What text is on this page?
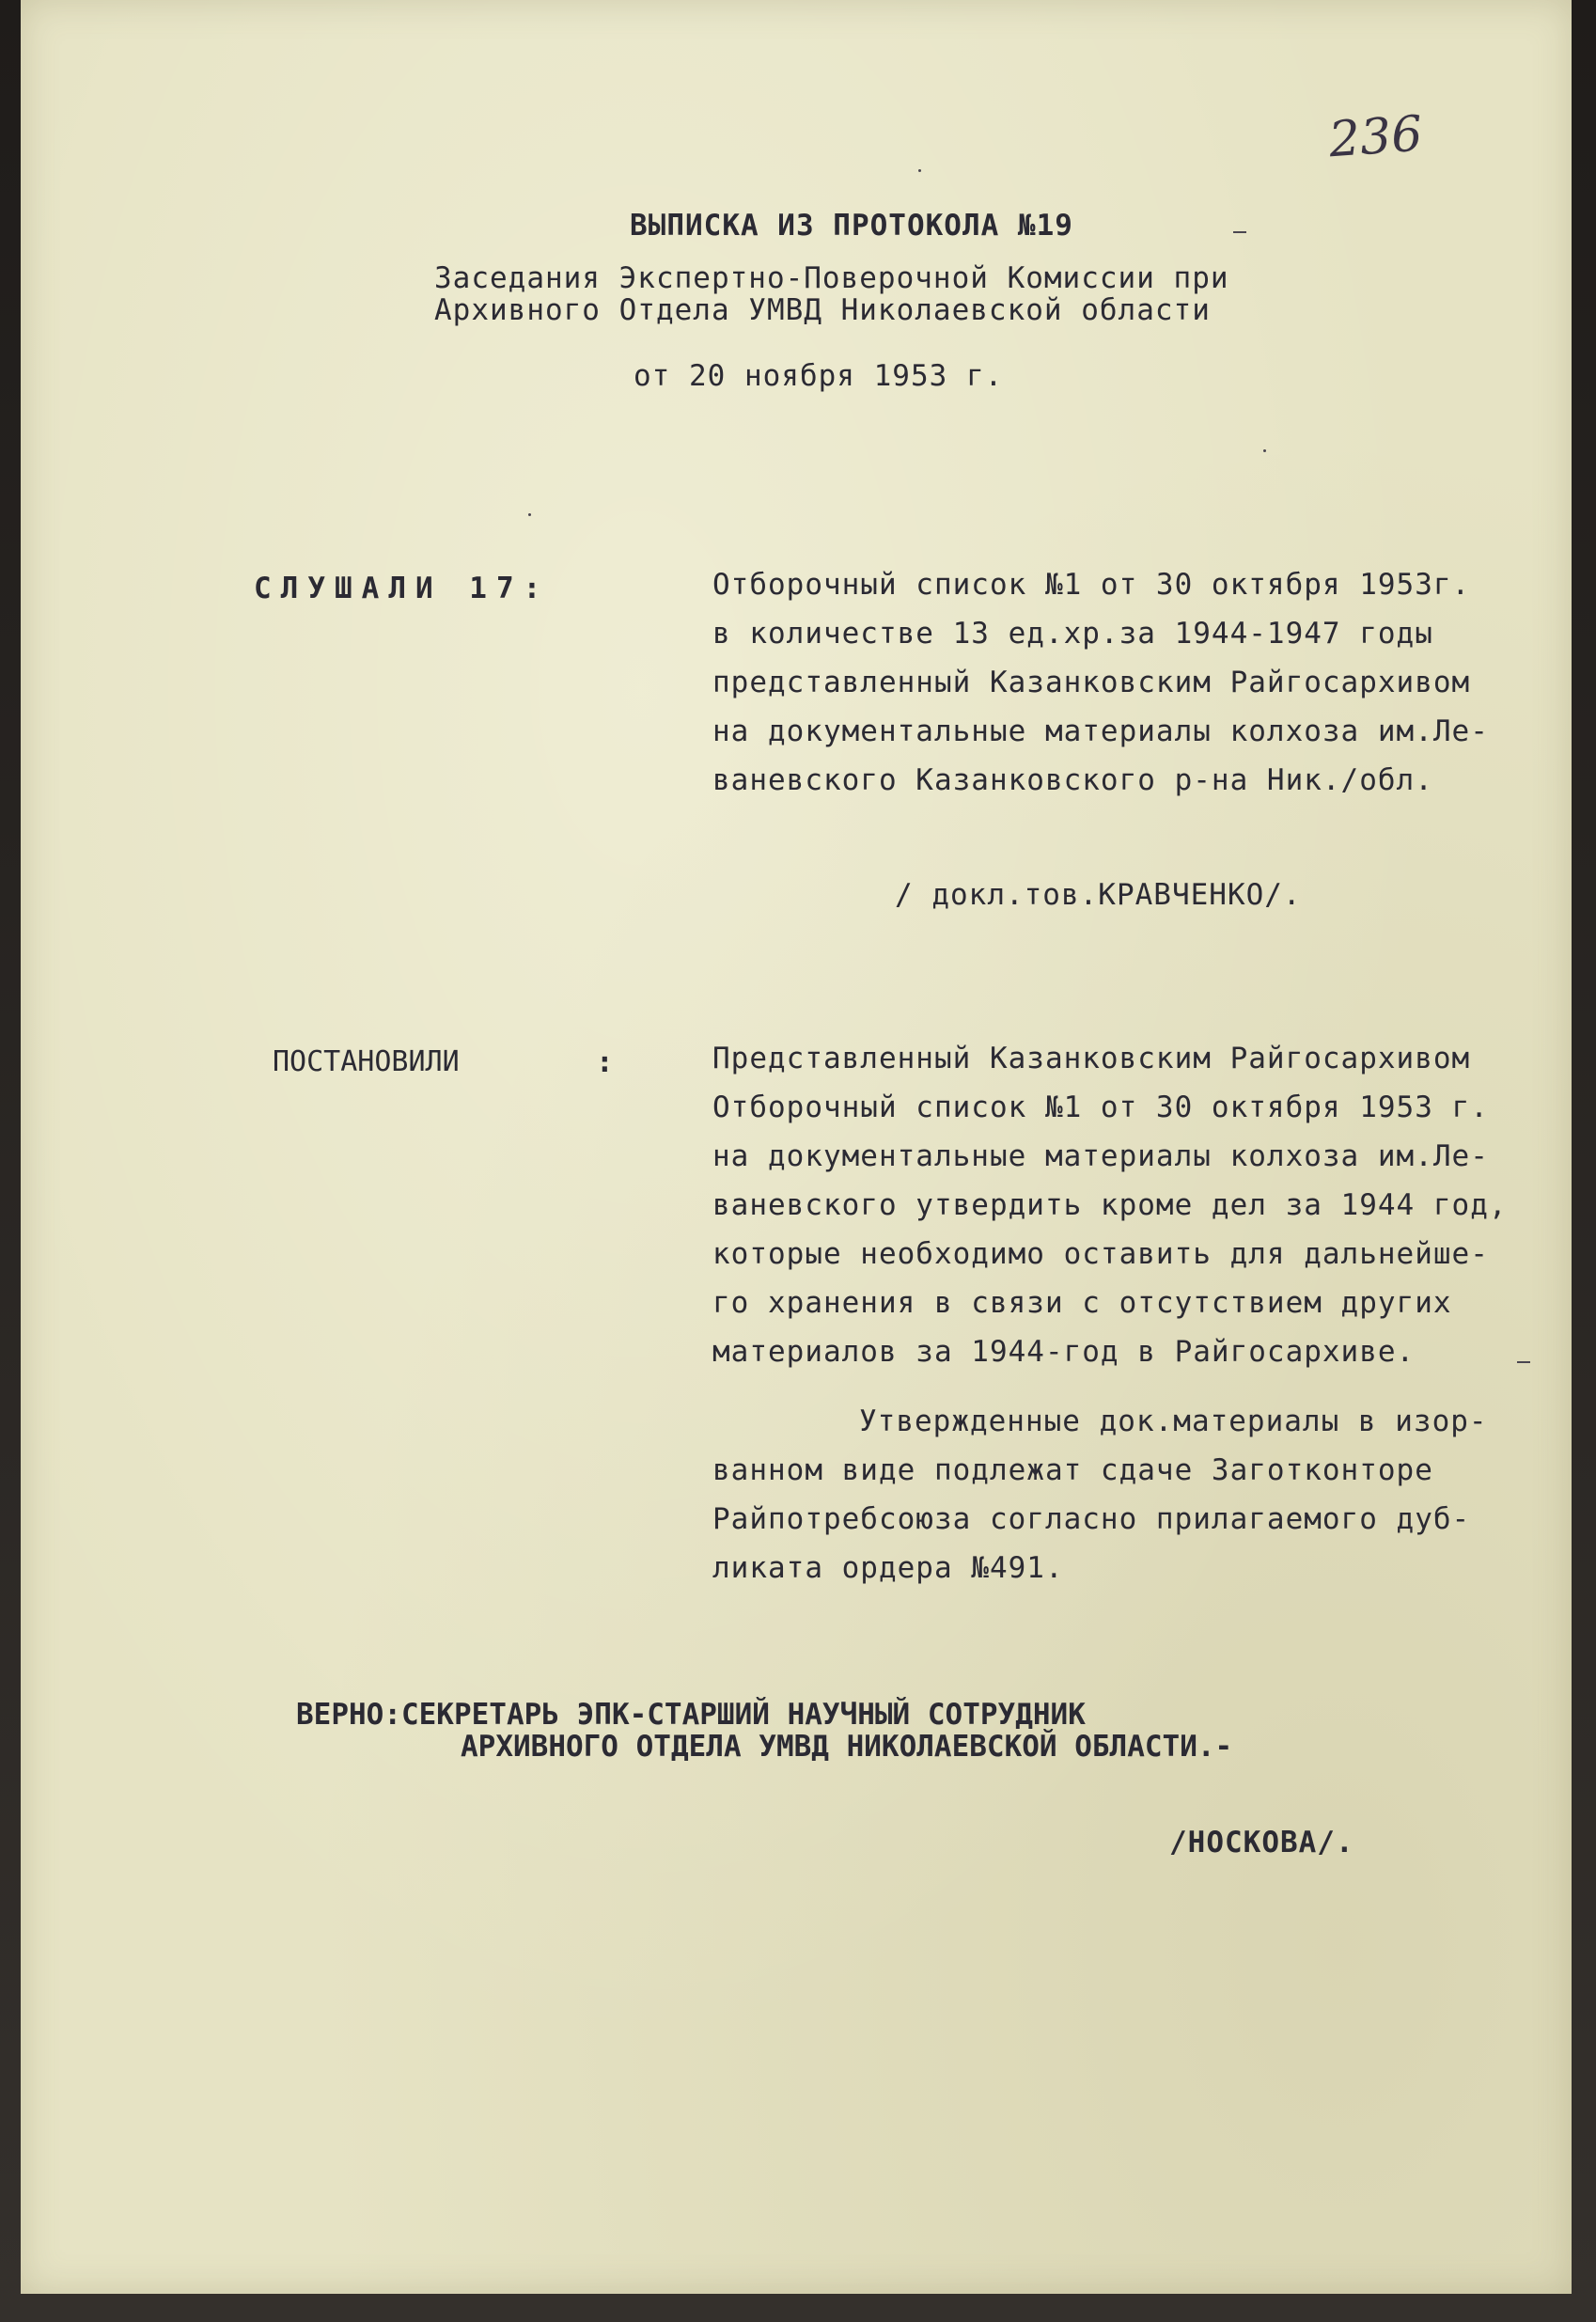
236
ВЫПИСКА ИЗ ПРОТОКОЛА №19
Заседания Экспертно-Поверочной Комиссии при
Архивного Отдела УМВД Николаевской области
от 20 ноября 1953 г.
СЛУШАЛИ 17:	Отборочный список №1 от 30 октября 1953г.
в количестве 13 ед.хр.за 1944-1947 годы
представленный Казанковским Райгосархивом
на документальные материалы колхоза им.Ле-
ваневского Казанковского р-на Ник./обл.
/ докл.тов.КРАВЧЕНКО/.
ПОСТАНОВИЛИ	:	Представленный Казанковским Райгосархивом
Отборочный список №1 от 30 октября 1953 г.
на документальные материалы колхоза им.Ле-
ваневского утвердить кроме дел за 1944 год,
которые необходимо оставить для дальнейше-
го хранения в связи с отсутствием других
материалов за 1944-год в Райгосархиве.
Утвержденные док.материалы в изор-
ванном виде подлежат сдаче Заготконторе
Райпотребсоюза согласно прилагаемого дуб-
ликата ордера №491.
ВЕРНО:СЕКРЕТАРЬ ЭПК-СТАРШИЙ НАУЧНЫЙ СОТРУДНИК
АРХИВНОГО ОТДЕЛА УМВД НИКОЛАЕВСКОЙ ОБЛАСТИ.-
/НОСКОВА/.
